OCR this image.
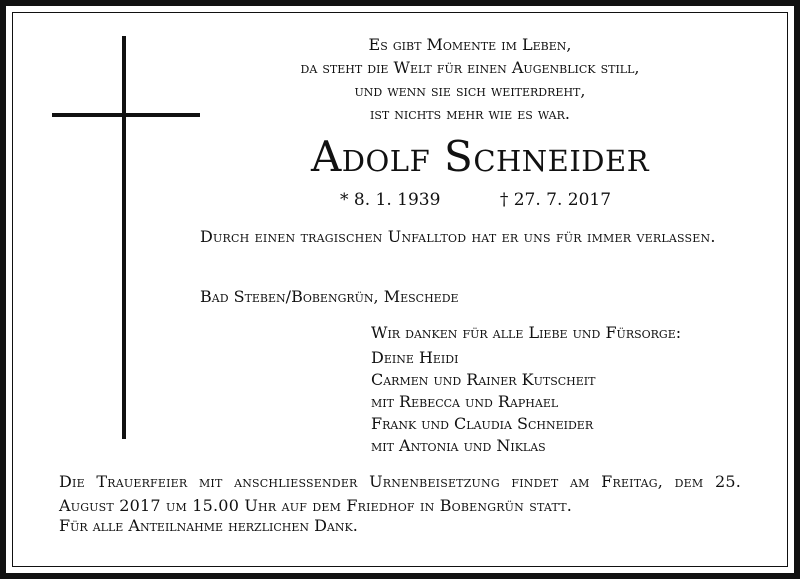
Es gibt Momente im Leben,
da steht die Welt für einen Augenblick still,
und wenn sie sich weiterdreht,
ist nichts mehr wie es war.
Adolf Schneider
* 8. 1. 1939	† 27. 7. 2017
Durch einen tragischen Unfalltod hat er uns für immer verlassen.
Bad Steben/Bobengrün, Meschede
Wir danken für alle Liebe und Fürsorge:
Deine Heidi
Carmen und Rainer Kutscheit
mit Rebecca und Raphael
Frank und Claudia Schneider
mit Antonia und Niklas
Die Trauerfeier mit anschliessender Urnenbeisetzung findet am Freitag, dem 25. August 2017 um 15.00 Uhr auf dem Friedhof in Bobengrün statt.
Für alle Anteilnahme herzlichen Dank.
